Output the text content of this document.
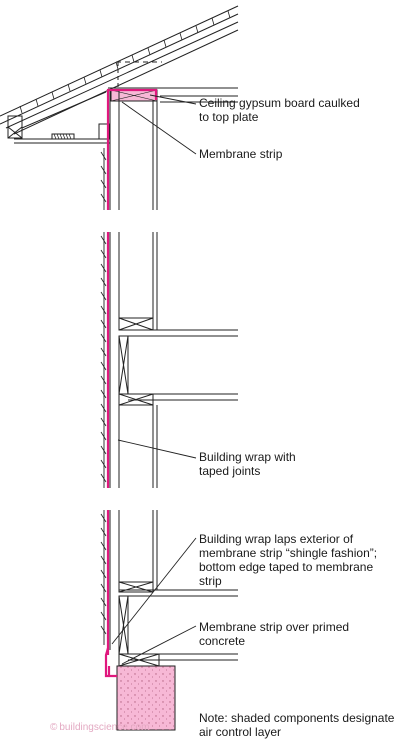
Ceiling gypsum board caulked
to top plate
Membrane strip
Building wrap with
taped joints
Building wrap laps exterior of
membrane strip “shingle fashion”;
bottom edge taped to membrane
strip
Membrane strip over primed
concrete
Note: shaded components designate
air control layer
© buildingscience.com
